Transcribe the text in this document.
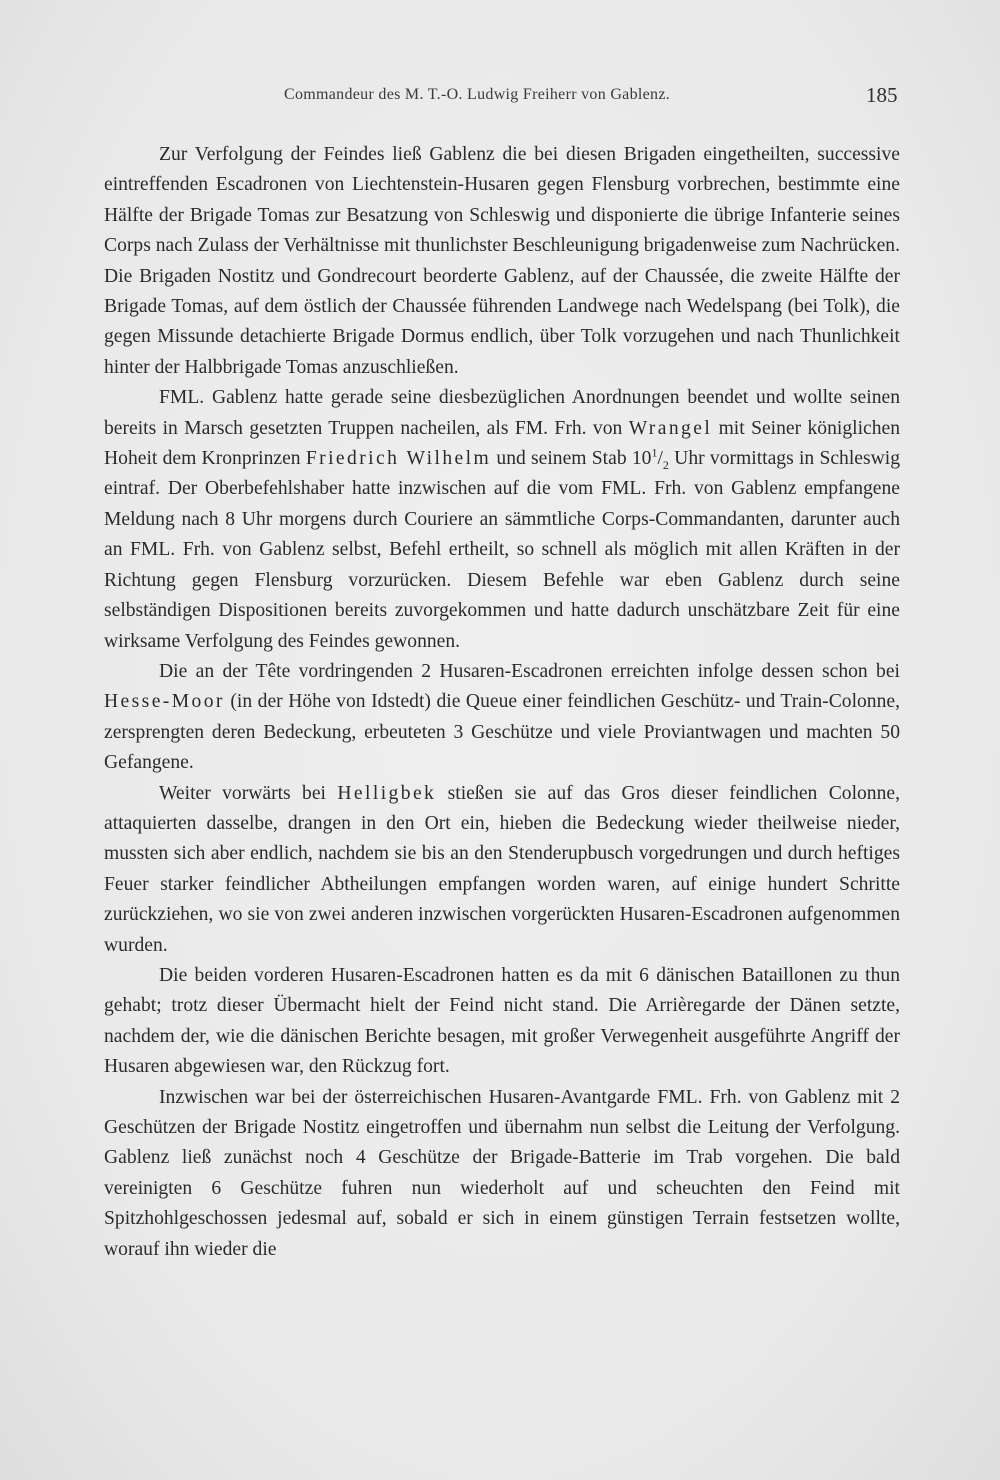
Commandeur des M. T.-O. Ludwig Freiherr von Gablenz.	185

Zur Verfolgung der Feindes ließ Gablenz die bei diesen Brigaden eingetheilten, successive eintreffenden Escadronen von Liechtenstein-Husaren gegen Flensburg vorbrechen, bestimmte eine Hälfte der Brigade Tomas zur Besatzung von Schleswig und disponierte die übrige Infanterie seines Corps nach Zulass der Verhältnisse mit thunlichster Beschleunigung brigadenweise zum Nachrücken. Die Brigaden Nostitz und Gondrecourt beorderte Gablenz, auf der Chaussée, die zweite Hälfte der Brigade Tomas, auf dem östlich der Chaussée führenden Landwege nach Wedelspang (bei Tolk), die gegen Missunde detachierte Brigade Dormus endlich, über Tolk vorzugehen und nach Thunlichkeit hinter der Halbbrigade Tomas anzuschließen.

FML. Gablenz hatte gerade seine diesbezüglichen Anordnungen beendet und wollte seinen bereits in Marsch gesetzten Truppen nacheilen, als FM. Frh. von Wrangel mit Seiner königlichen Hoheit dem Kronprinzen Friedrich Wilhelm und seinem Stab $10^1/_2$ Uhr vormittags in Schleswig eintraf. Der Oberbefehlshaber hatte inzwischen auf die vom FML. Frh. von Gablenz empfangene Meldung nach 8 Uhr morgens durch Couriere an sämmtliche Corps-Commandanten, darunter auch an FML. Frh. von Gablenz selbst, Befehl ertheilt, so schnell als möglich mit allen Kräften in der Richtung gegen Flensburg vorzurücken. Diesem Befehle war eben Gablenz durch seine selbständigen Dispositionen bereits zuvorgekommen und hatte dadurch unschätzbare Zeit für eine wirksame Verfolgung des Feindes gewonnen.

Die an der Tête vordringenden 2 Husaren-Escadronen erreichten infolge dessen schon bei Hesse-Moor (in der Höhe von Idstedt) die Queue einer feindlichen Geschütz- und Train-Colonne, zersprengten deren Bedeckung, erbeuteten 3 Geschütze und viele Proviantwagen und machten 50 Gefangene.

Weiter vorwärts bei Helligbek stießen sie auf das Gros dieser feindlichen Colonne, attaquierten dasselbe, drangen in den Ort ein, hieben die Bedeckung wieder theilweise nieder, mussten sich aber endlich, nachdem sie bis an den Stenderupbusch vorgedrungen und durch heftiges Feuer starker feindlicher Abtheilungen empfangen worden waren, auf einige hundert Schritte zurückziehen, wo sie von zwei anderen inzwischen vorgerückten Husaren-Escadronen aufgenommen wurden.

Die beiden vorderen Husaren-Escadronen hatten es da mit 6 dänischen Bataillonen zu thun gehabt; trotz dieser Übermacht hielt der Feind nicht stand. Die Arrièregarde der Dänen setzte, nachdem der, wie die dänischen Berichte besagen, mit großer Verwegenheit ausgeführte Angriff der Husaren abgewiesen war, den Rückzug fort.

Inzwischen war bei der österreichischen Husaren-Avantgarde FML. Frh. von Gablenz mit 2 Geschützen der Brigade Nostitz eingetroffen und übernahm nun selbst die Leitung der Verfolgung. Gablenz ließ zunächst noch 4 Geschütze der Brigade-Batterie im Trab vorgehen. Die bald vereinigten 6 Geschütze fuhren nun wiederholt auf und scheuchten den Feind mit Spitzhohlgeschossen jedesmal auf, sobald er sich in einem günstigen Terrain festsetzen wollte, worauf ihn wieder die
